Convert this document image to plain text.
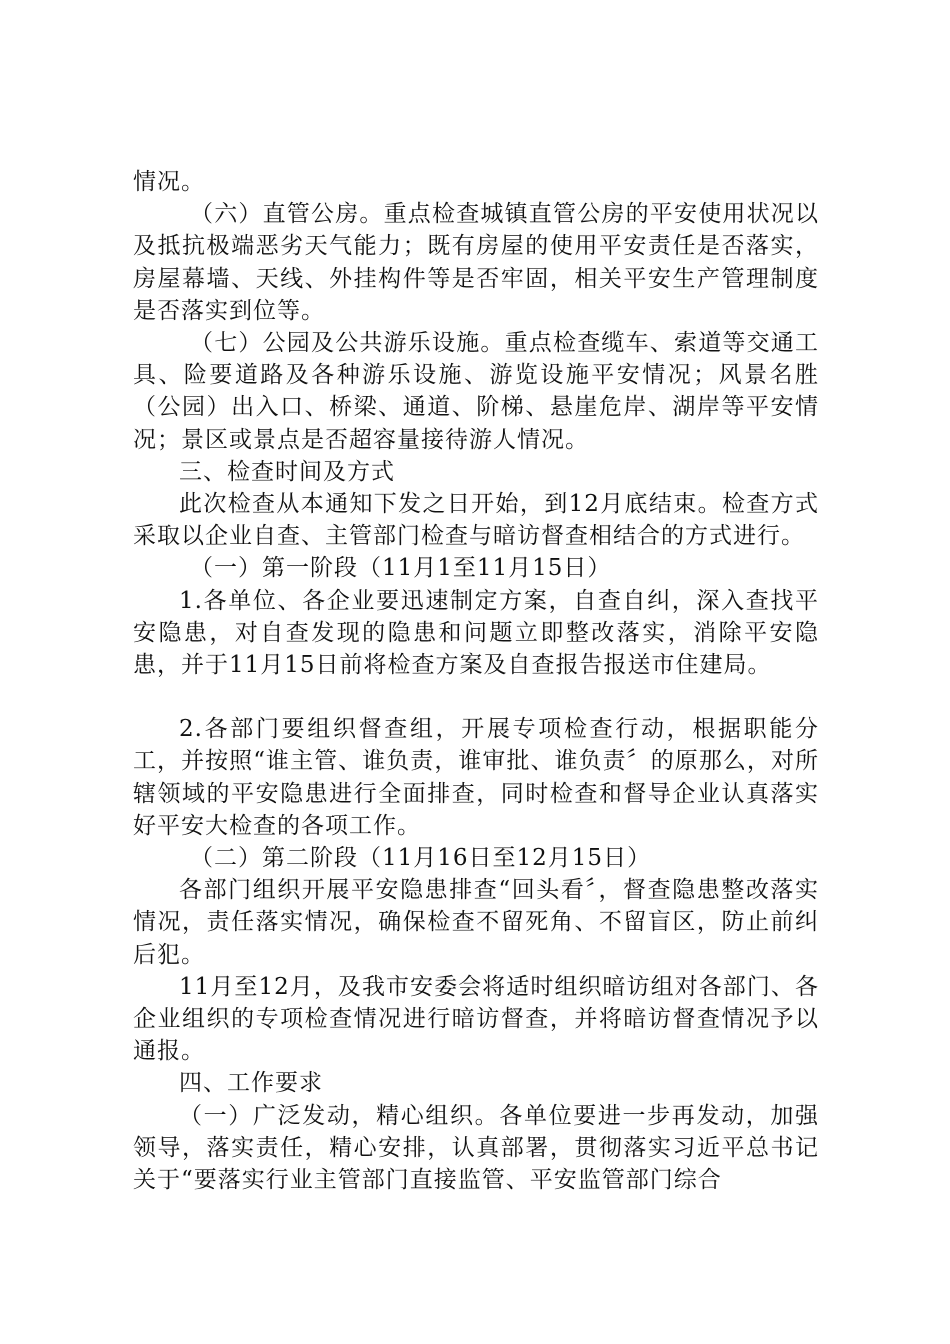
情况。

（六）直管公房。重点检查城镇直管公房的平安使用状况以及抵抗极端恶劣天气能力；既有房屋的使用平安责任是否落实，房屋幕墙、天线、外挂构件等是否牢固，相关平安生产管理制度是否落实到位等。

（七）公园及公共游乐设施。重点检查缆车、索道等交通工具、险要道路及各种游乐设施、游览设施平安情况；风景名胜（公园）出入口、桥梁、通道、阶梯、悬崖危岸、湖岸等平安情况；景区或景点是否超容量接待游人情况。

三、检查时间及方式

此次检查从本通知下发之日开始，到12月底结束。检查方式采取以企业自查、主管部门检查与暗访督查相结合的方式进行。

（一）第一阶段（11月1至11月15日）

1.各单位、各企业要迅速制定方案，自查自纠，深入查找平安隐患，对自查发现的隐患和问题立即整改落实，消除平安隐患，并于11月15日前将检查方案及自查报告报送市住建局。

2.各部门要组织督查组，开展专项检查行动，根据职能分工，并按照“谁主管、谁负责，谁审批、谁负责〞的原那么，对所辖领域的平安隐患进行全面排查，同时检查和督导企业认真落实好平安大检查的各项工作。

（二）第二阶段（11月16日至12月15日）

各部门组织开展平安隐患排查“回头看〞，督查隐患整改落实情况，责任落实情况，确保检查不留死角、不留盲区，防止前纠后犯。

11月至12月，及我市安委会将适时组织暗访组对各部门、各企业组织的专项检查情况进行暗访督查，并将暗访督查情况予以通报。

四、工作要求

（一）广泛发动，精心组织。各单位要进一步再发动，加强领导，落实责任，精心安排，认真部署，贯彻落实习近平总书记关于“要落实行业主管部门直接监管、平安监管部门综合
